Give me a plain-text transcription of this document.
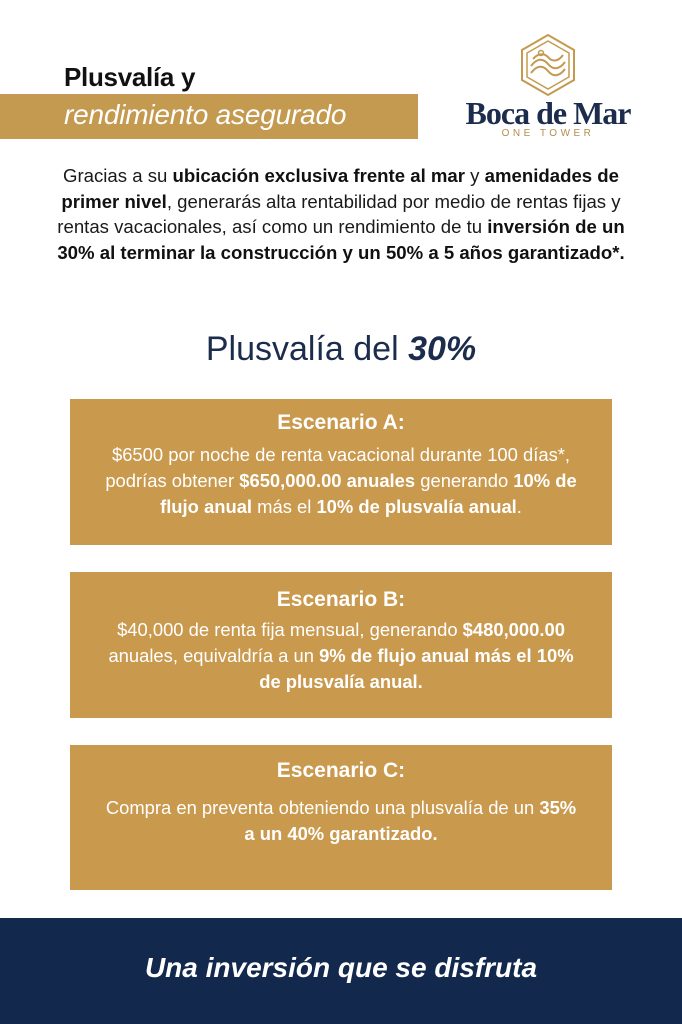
Plusvalía y
rendimiento asegurado	Boca de Mar
ONE TOWER
Gracias a su ubicación exclusiva frente al mar y amenidades de primer nivel, generarás alta rentabilidad por medio de rentas fijas y rentas vacacionales, así como un rendimiento de tu inversión de un 30% al terminar la construcción y un 50% a 5 años garantizado*.
Plusvalía del 30%
Escenario A:
$6500 por noche de renta vacacional durante 100 días*, podrías obtener $650,000.00 anuales generando 10% de flujo anual más el 10% de plusvalía anual.
Escenario B:
$40,000 de renta fija mensual, generando $480,000.00 anuales, equivaldría a un 9% de flujo anual más el 10% de plusvalía anual.
Escenario C:
Compra en preventa obteniendo una plusvalía de un 35% a un 40% garantizado.
Una inversión que se disfruta
